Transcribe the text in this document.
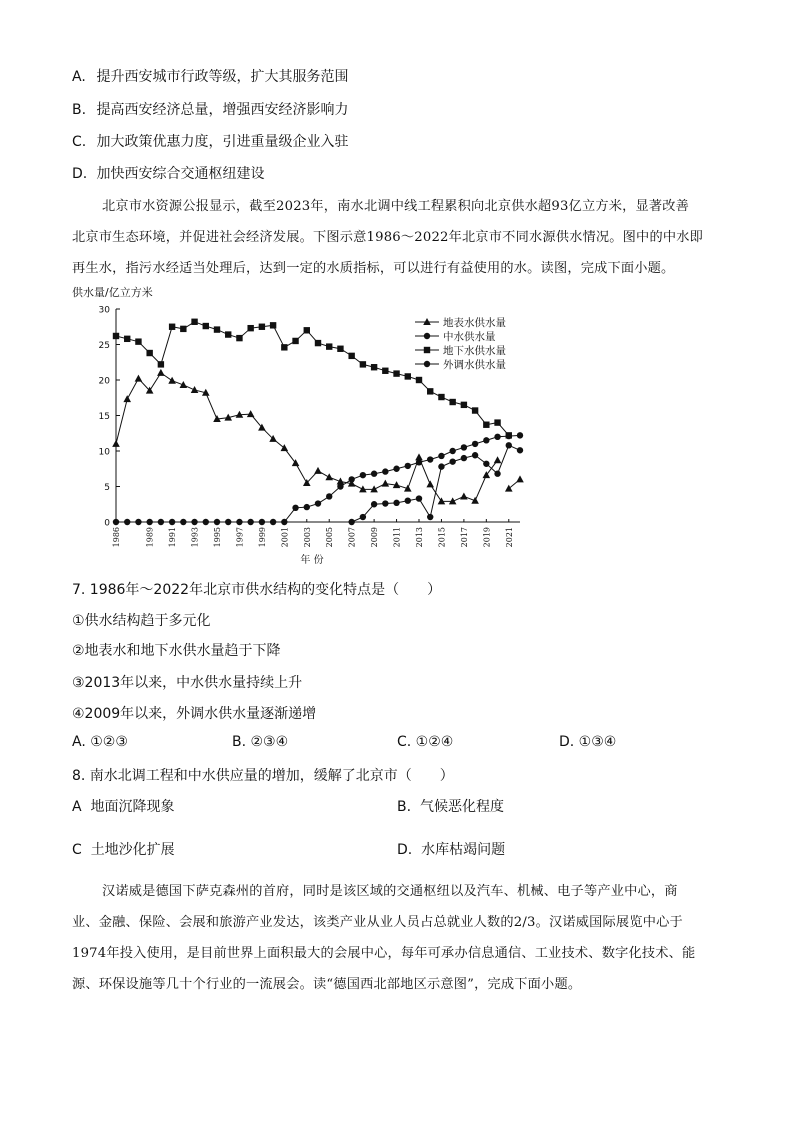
A. 提升西安城市行政等级，扩大其服务范围
B. 提高西安经济总量，增强西安经济影响力
C. 加大政策优惠力度，引进重量级企业入驻
D. 加快西安综合交通枢纽建设
北京市水资源公报显示，截至2023年，南水北调中线工程累积向北京供水超93亿立方米，显著改善
北京市生态环境，并促进社会经济发展。下图示意1986～2022年北京市不同水源供水情况。图中的中水即
再生水，指污水经适当处理后，达到一定的水质指标，可以进行有益使用的水。读图，完成下面小题。
供水量/亿立方米
0
5
10
15
20
25
30
1986	1989 1991 1993 1995 1997 1999 2001 2003 2005 2007 2009 2011 2013 2015 2017 2019 2021
年 份
地表水供水量
中水供水量
地下水供水量
外调水供水量
7. 1986年～2022年北京市供水结构的变化特点是（　　）
①供水结构趋于多元化
②地表水和地下水供水量趋于下降
③2013年以来，中水供水量持续上升
④2009年以来，外调水供水量逐渐递增
A. ①②③	B. ②③④	C. ①②④	D. ①③④
8. 南水北调工程和中水供应量的增加，缓解了北京市（　　）
A 地面沉降现象	B. 气候恶化程度
C 土地沙化扩展	D. 水库枯竭问题
汉诺威是德国下萨克森州的首府，同时是该区域的交通枢纽以及汽车、机械、电子等产业中心，商
业、金融、保险、会展和旅游产业发达，该类产业从业人员占总就业人数的2/3。汉诺威国际展览中心于
1974年投入使用，是目前世界上面积最大的会展中心，每年可承办信息通信、工业技术、数字化技术、能
源、环保设施等几十个行业的一流展会。读“德国西北部地区示意图”，完成下面小题。
